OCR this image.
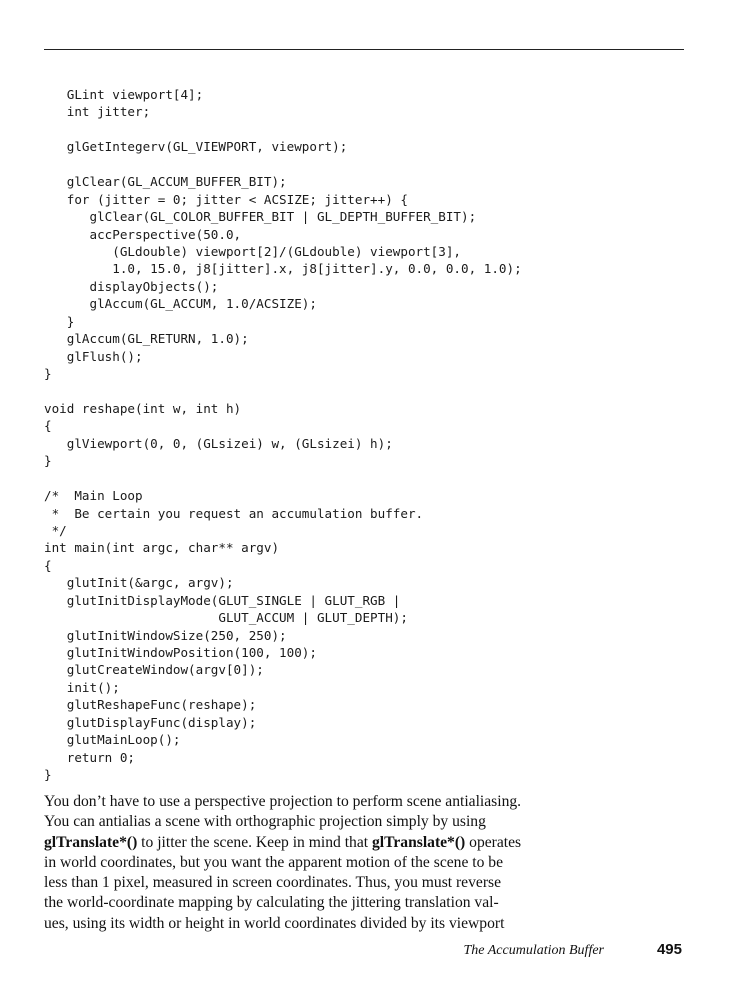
GLint viewport[4];
int jitter;
glGetIntegerv(GL_VIEWPORT, viewport);
glClear(GL_ACCUM_BUFFER_BIT);
for (jitter = 0; jitter < ACSIZE; jitter++) {
glClear(GL_COLOR_BUFFER_BIT | GL_DEPTH_BUFFER_BIT);
accPerspective(50.0,
(GLdouble) viewport[2]/(GLdouble) viewport[3],
1.0, 15.0, j8[jitter].x, j8[jitter].y, 0.0, 0.0, 1.0);
displayObjects();
glAccum(GL_ACCUM, 1.0/ACSIZE);
}
glAccum(GL_RETURN, 1.0);
glFlush();
}
void reshape(int w, int h)
{
glViewport(0, 0, (GLsizei) w, (GLsizei) h);
}
/*  Main Loop
*  Be certain you request an accumulation buffer.
*/
int main(int argc, char** argv)
{
glutInit(&argc, argv);
glutInitDisplayMode(GLUT_SINGLE | GLUT_RGB |
GLUT_ACCUM | GLUT_DEPTH);
glutInitWindowSize(250, 250);
glutInitWindowPosition(100, 100);
glutCreateWindow(argv[0]);
init();
glutReshapeFunc(reshape);
glutDisplayFunc(display);
glutMainLoop();
return 0;
}
You don’t have to use a perspective projection to perform scene antialiasing.
You can antialias a scene with orthographic projection simply by using
glTranslate*() to jitter the scene. Keep in mind that glTranslate*() operates
in world coordinates, but you want the apparent motion of the scene to be
less than 1 pixel, measured in screen coordinates. Thus, you must reverse
the world-coordinate mapping by calculating the jittering translation val-
ues, using its width or height in world coordinates divided by its viewport
The Accumulation Buffer	495
